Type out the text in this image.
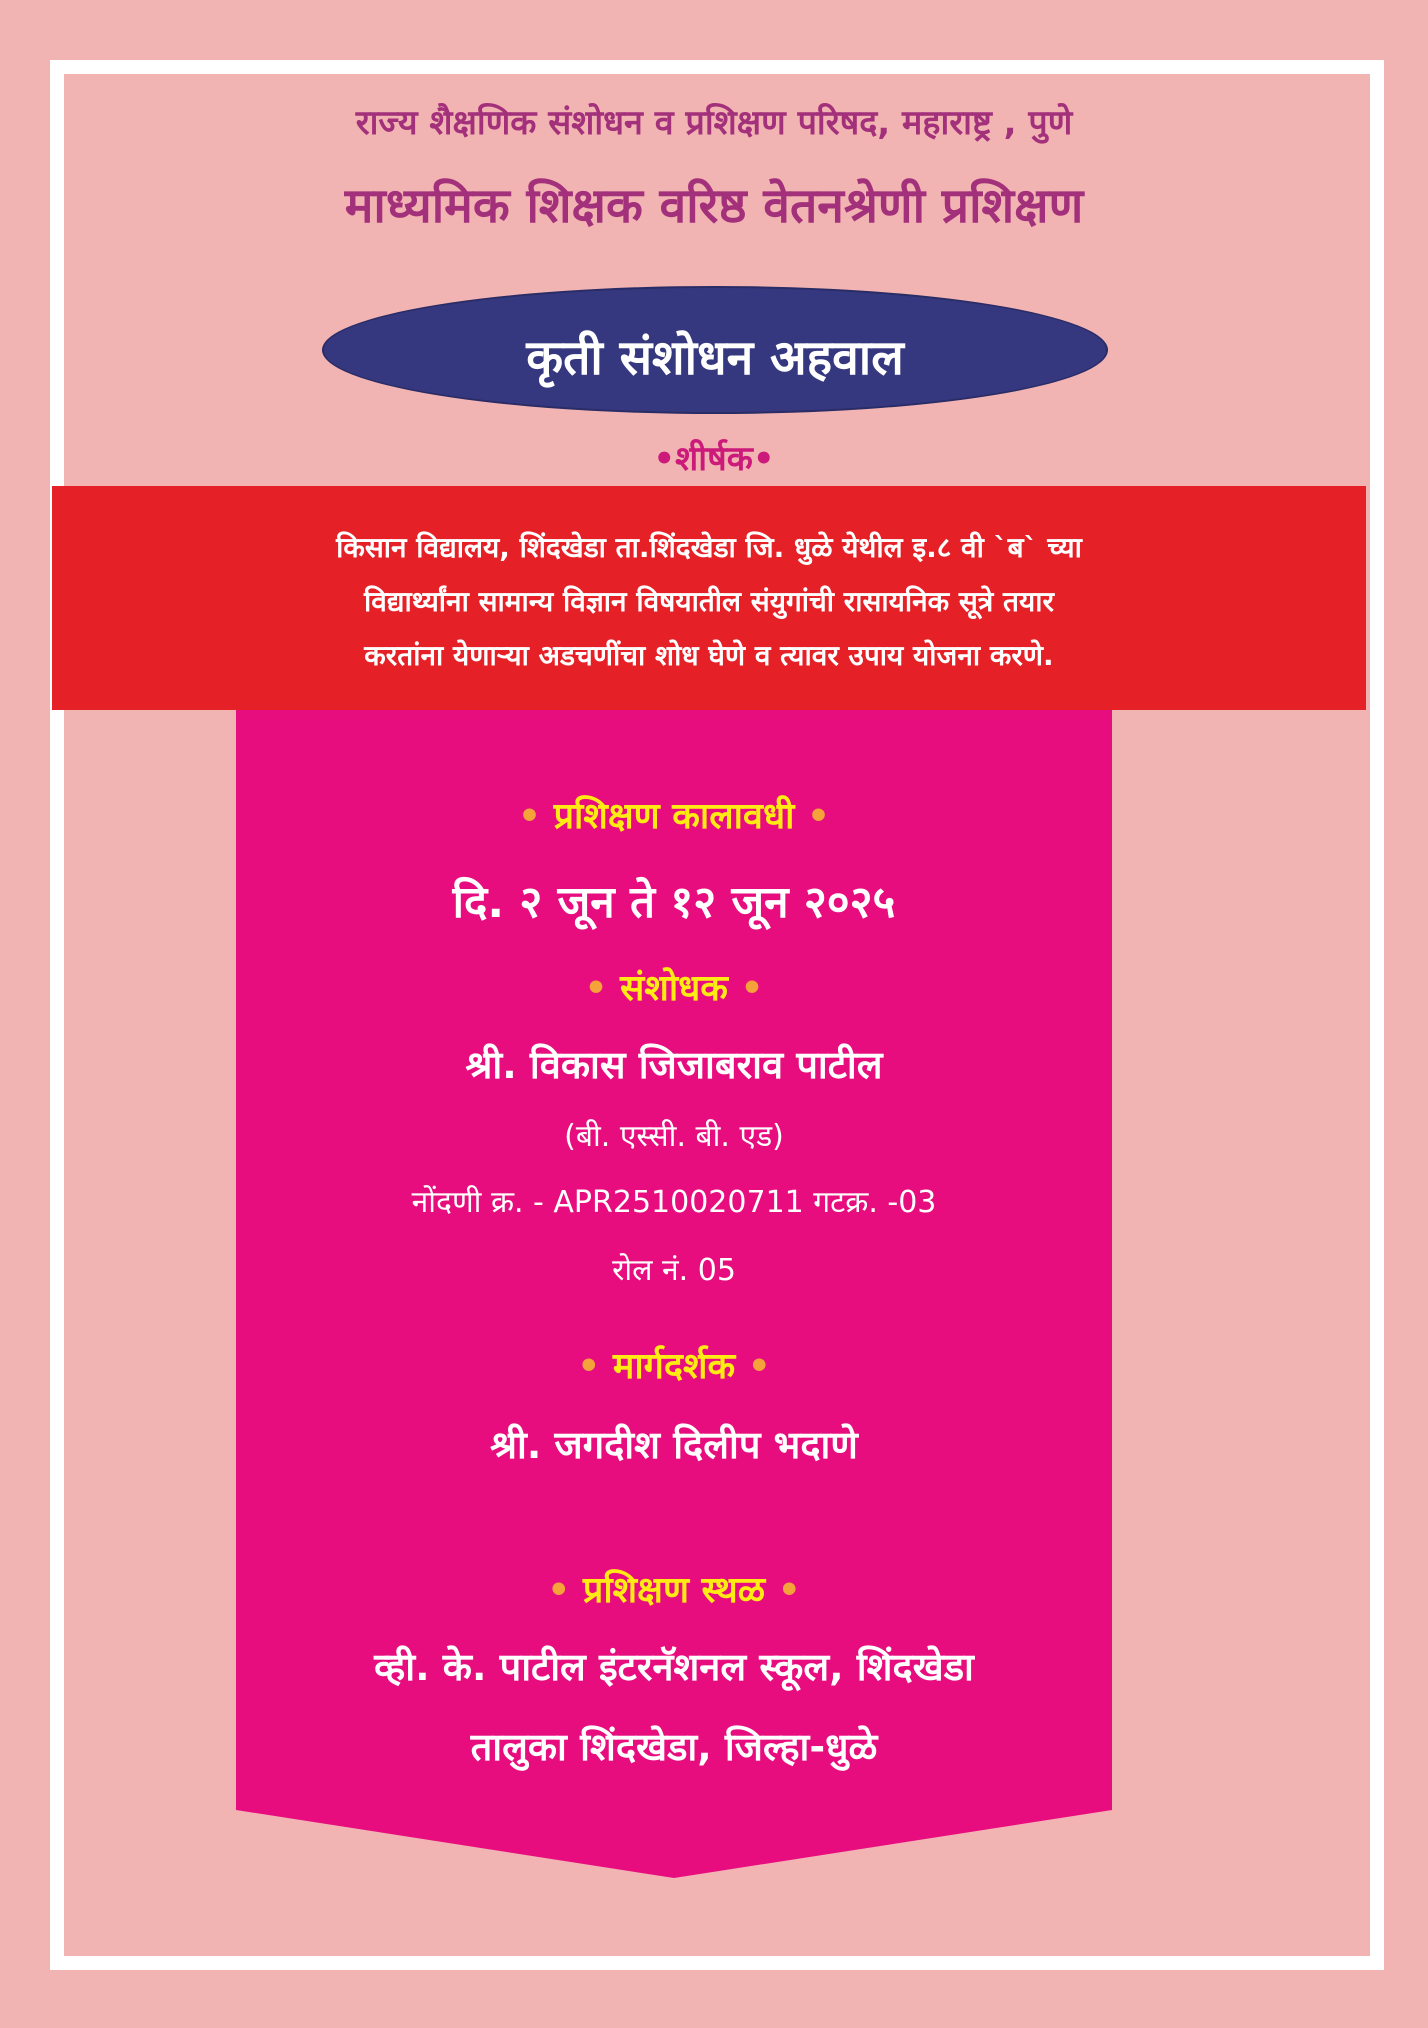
राज्य शैक्षणिक संशोधन व प्रशिक्षण परिषद, महाराष्ट्र , पुणे

माध्यमिक शिक्षक वरिष्ठ वेतनश्रेणी प्रशिक्षण

कृती संशोधन अहवाल

•शीर्षक•

किसान विद्यालय, शिंदखेडा ता.शिंदखेडा जि. धुळे येथील इ.८ वी `ब` च्या
विद्यार्थ्यांना सामान्य विज्ञान विषयातील संयुगांची रासायनिक सूत्रे तयार
करतांना येणाऱ्या अडचणींचा शोध घेणे व त्यावर उपाय योजना करणे.
• प्रशिक्षण कालावधी •
दि. २ जून ते १२ जून २०२५
• संशोधक •
श्री. विकास जिजाबराव पाटील
(बी. एस्सी. बी. एड)
नोंदणी क्र. - APR2510020711 गटक्र. -03
रोल नं. 05
• मार्गदर्शक •
श्री. जगदीश दिलीप भदाणे
• प्रशिक्षण स्थळ •
व्ही. के. पाटील इंटरनॅशनल स्कूल, शिंदखेडा
तालुका शिंदखेडा, जिल्हा-धुळे
